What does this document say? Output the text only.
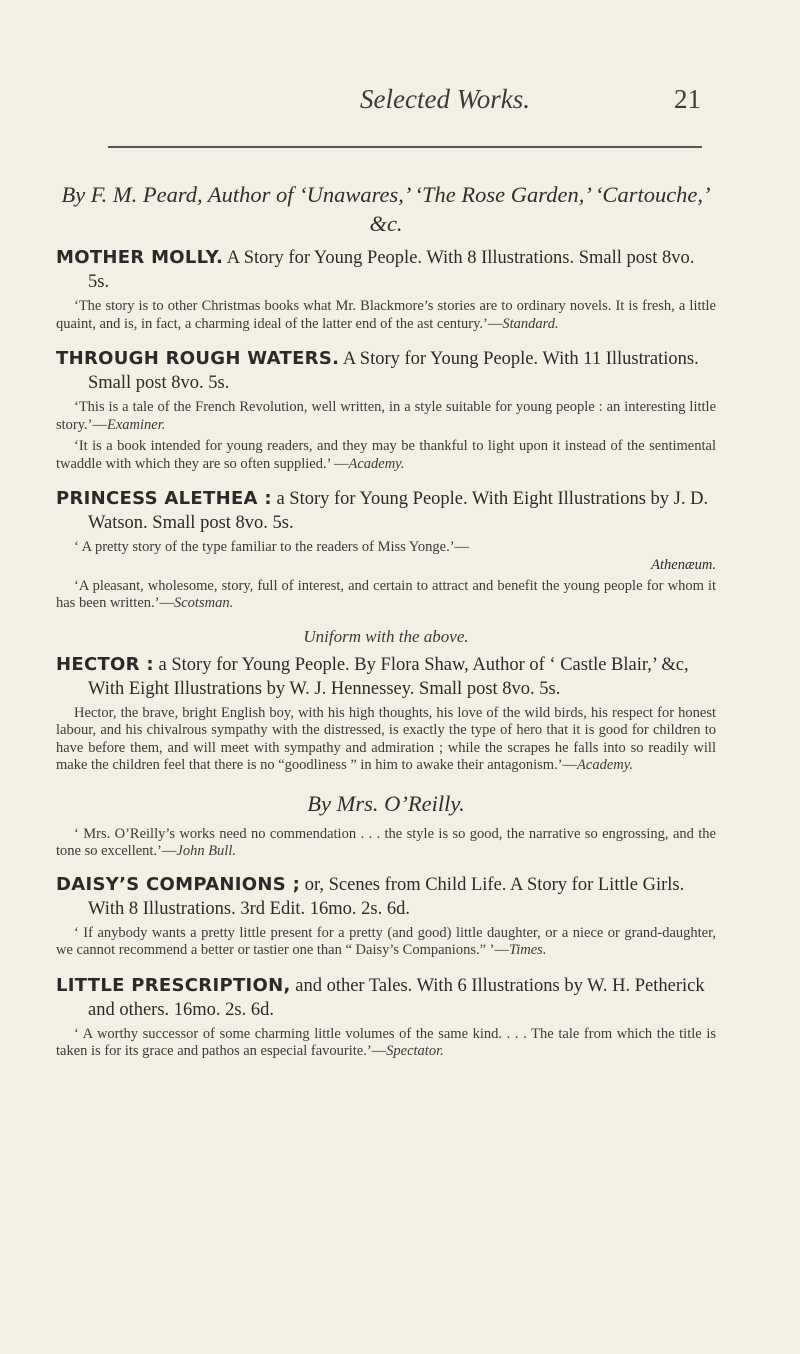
Selected Works.	21

By F. M. Peard, Author of ‘Unawares,’ ‘The Rose Garden,’ ‘Cartouche,’ &c.

MOTHER MOLLY. A Story for Young People. With 8 Illustrations. Small post 8vo. 5s.

‘The story is to other Christmas books what Mr. Blackmore’s stories are to ordinary novels. It is fresh, a little quaint, and is, in fact, a charming ideal of the latter end of the ast century.’—Standard.

THROUGH ROUGH WATERS. A Story for Young People. With 11 Illustrations. Small post 8vo. 5s.

‘This is a tale of the French Revolution, well written, in a style suitable for young people : an interesting little story.’—Examiner.

‘It is a book intended for young readers, and they may be thankful to light upon it instead of the sentimental twaddle with which they are so often supplied.’ —Academy.

PRINCESS ALETHEA : a Story for Young People. With Eight Illustrations by J. D. Watson. Small post 8vo. 5s.

‘ A pretty story of the type familiar to the readers of Miss Yonge.’—

Athenæum.

‘A pleasant, wholesome, story, full of interest, and certain to attract and benefit the young people for whom it has been written.’—Scotsman.

Uniform with the above.

HECTOR : a Story for Young People. By Flora Shaw, Author of ‘ Castle Blair,’ &c, With Eight Illustrations by W. J. Hennessey. Small post 8vo. 5s.

Hector, the brave, bright English boy, with his high thoughts, his love of the wild birds, his respect for honest labour, and his chivalrous sympathy with the distressed, is exactly the type of hero that it is good for children to have before them, and will meet with sympathy and admiration ; while the scrapes he falls into so readily will make the children feel that there is no “goodliness ” in him to awake their antagonism.’—Academy.

By Mrs. O’Reilly.

‘ Mrs. O’Reilly’s works need no commendation . . . the style is so good, the narrative so engrossing, and the tone so excellent.’—John Bull.

DAISY’S COMPANIONS ; or, Scenes from Child Life. A Story for Little Girls. With 8 Illustrations. 3rd Edit. 16mo. 2s. 6d.

‘ If anybody wants a pretty little present for a pretty (and good) little daughter, or a niece or grand-daughter, we cannot recommend a better or tastier one than “ Daisy’s Companions.” ’—Times.

LITTLE PRESCRIPTION, and other Tales. With 6 Illustrations by W. H. Petherick and others. 16mo. 2s. 6d.

‘ A worthy successor of some charming little volumes of the same kind. . . . The tale from which the title is taken is for its grace and pathos an especial favourite.’—Spectator.
